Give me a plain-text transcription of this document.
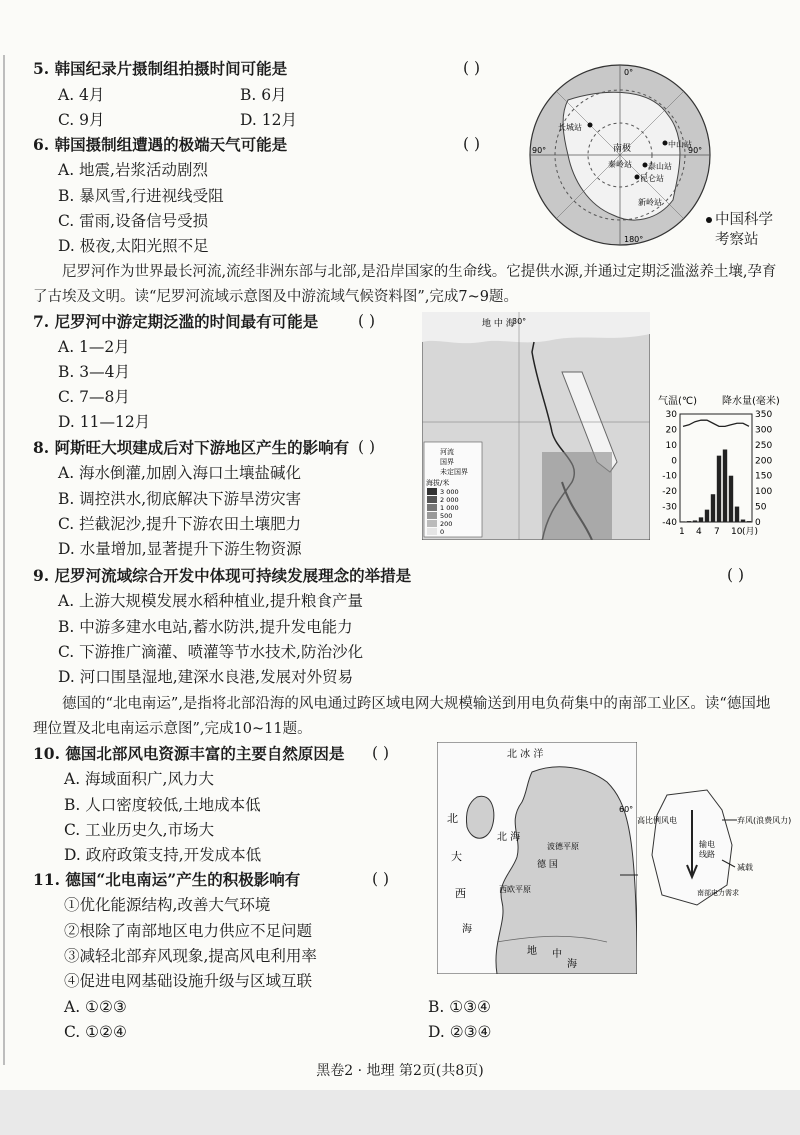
5. 韩国纪录片摄制组拍摄时间可能是	( )
A. 4月	B. 6月
C. 9月	D. 12月
6. 韩国摄制组遭遇的极端天气可能是	( )
A. 地震,岩浆活动剧烈
B. 暴风雪,行进视线受阻
C. 雷雨,设备信号受损
D. 极夜,太阳光照不足
长城站
南极
泰山站
昆仑站
秦岭站
新岭站
中山站
90°	90°
0°
180°
中国科学考察站
尼罗河作为世界最长河流,流经非洲东部与北部,是沿岸国家的生命线。它提供水源,并通过定期泛滥滋养土壤,孕育了古埃及文明。读“尼罗河流域示意图及中游流域气候资料图”,完成7~9题。
7. 尼罗河中游定期泛滥的时间最有可能是	( )
A. 1—2月
B. 3—4月
C. 7—8月
D. 11—12月
8. 阿斯旺大坝建成后对下游地区产生的影响有 ( )
A. 海水倒灌,加剧入海口土壤盐碱化
B. 调控洪水,彻底解决下游旱涝灾害
C. 拦截泥沙,提升下游农田土壤肥力
D. 水量增加,显著提升下游生物资源
地 中 海
30°
河流
国界
未定国界
海拔/米
3 000
2 000
1 000
500
200
0
气温(℃) 降水量(毫米)
30
20
10
0
-10
-20
-30
-40
350
300
250
200
150
100
50
0
1 4 7 10 (月)
9. 尼罗河流域综合开发中体现可持续发展理念的举措是	( )
A. 上游大规模发展水稻种植业,提升粮食产量
B. 中游多建水电站,蓄水防洪,提升发电能力
C. 下游推广滴灌、喷灌等节水技术,防治沙化
D. 河口围垦湿地,建深水良港,发展对外贸易
德国的“北电南运”,是指将北部沿海的风电通过跨区域电网大规模输送到用电负荷集中的南部工业区。读“德国地理位置及北电南运示意图”,完成10~11题。
10. 德国北部风电资源丰富的主要自然原因是 ( )
A. 海域面积广,风力大
B. 人口密度较低,土地成本低
C. 工业历史久,市场大
D. 政府政策支持,开发成本低
11. 德国“北电南运”产生的积极影响有	( )
①优化能源结构,改善大气环境
②根除了南部地区电力供应不足问题
③减轻北部弃风现象,提高风电利用率
④促进电网基础设施升级与区域互联
A. ①②③	B. ①③④
C. ①②④	D. ②③④
北 冰 洋
北
大
西
北 海
德 国
波德平原
西欧平原
海
地 中
海
60°
高比例风电	弃风(浪费风力)
输电
线路
减载
南部电力需求
黑卷2 · 地理 第2页(共8页)
